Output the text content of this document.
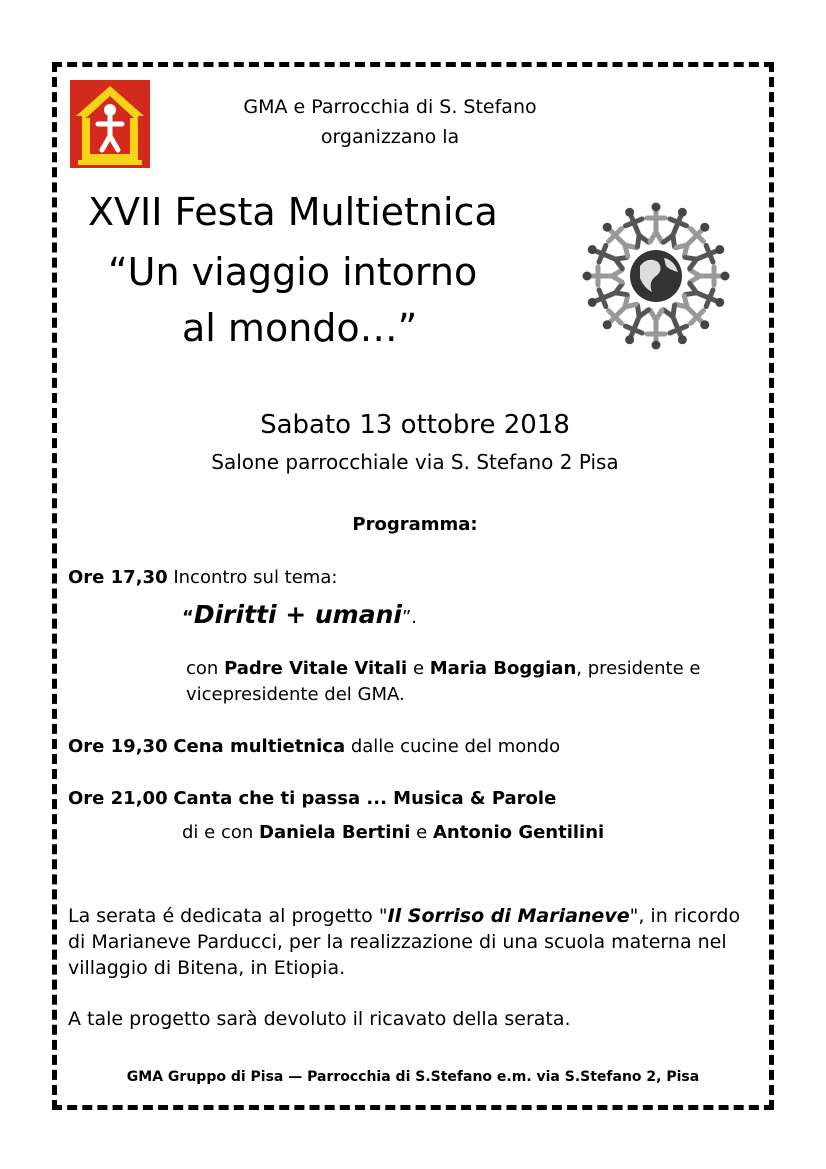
GMA e Parrocchia di S. Stefano
organizzano la
XVII Festa Multietnica
“Un viaggio intorno
al mondo…”
Sabato 13 ottobre 2018
Salone parrocchiale via S. Stefano 2 Pisa
Programma:
Ore 17,30 Incontro sul tema:
“Diritti + umani”.
con Padre Vitale Vitali e Maria Boggian, presidente e vicepresidente del GMA.
Ore 19,30 Cena multietnica dalle cucine del mondo
Ore 21,00 Canta che ti passa ... Musica & Parole
di e con Daniela Bertini e Antonio Gentilini
La serata é dedicata al progetto "Il Sorriso di Marianeve", in ricordo di Marianeve Parducci, per la realizzazione di una scuola materna nel villaggio di Bitena, in Etiopia.
A tale progetto sarà devoluto il ricavato della serata.
GMA Gruppo di Pisa — Parrocchia di S.Stefano e.m. via S.Stefano 2, Pisa
